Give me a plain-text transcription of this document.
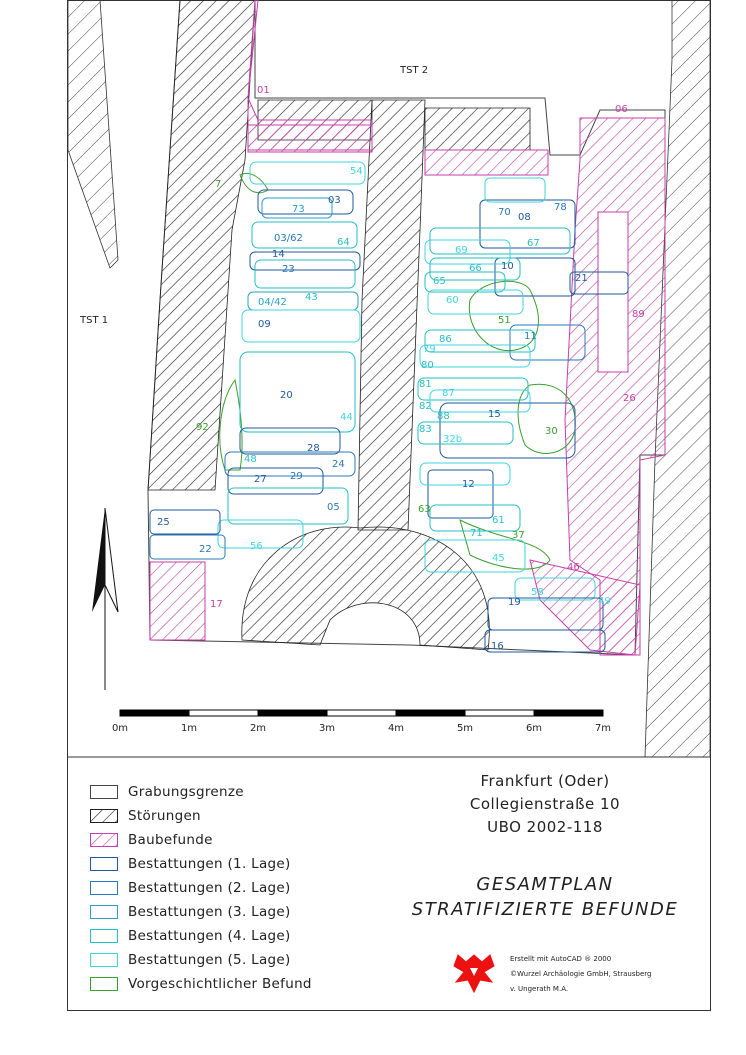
0m	1m	2m	3m	4m	5m	6m	7m
TST 2
TST 1
01
06
17
26
46
89
51
30
37
92
7
54
03
73
03/62	64
14
23
04/42 43
09
20
44
28
24
27 29
05
48
25
22	56
70 08
67
10
21
69
66
65
60
11
86
79
80
81
87
82
88	15
83
32b
12
63
61
71
45
58
19	49
16
78
Grabungsgrenze
Störungen
Baubefunde
Bestattungen (1. Lage)
Bestattungen (2. Lage)
Bestattungen (3. Lage)
Bestattungen (4. Lage)
Bestattungen (5. Lage)
Vorgeschichtlicher Befund
Frankfurt (Oder)
Collegienstraße 10
UBO 2002-118
GESAMTPLAN
STRATIFIZIERTE BEFUNDE
Erstellt mit AutoCAD ® 2000
©Wurzel Archäologie GmbH, Strausberg
v. Ungerath M.A.
